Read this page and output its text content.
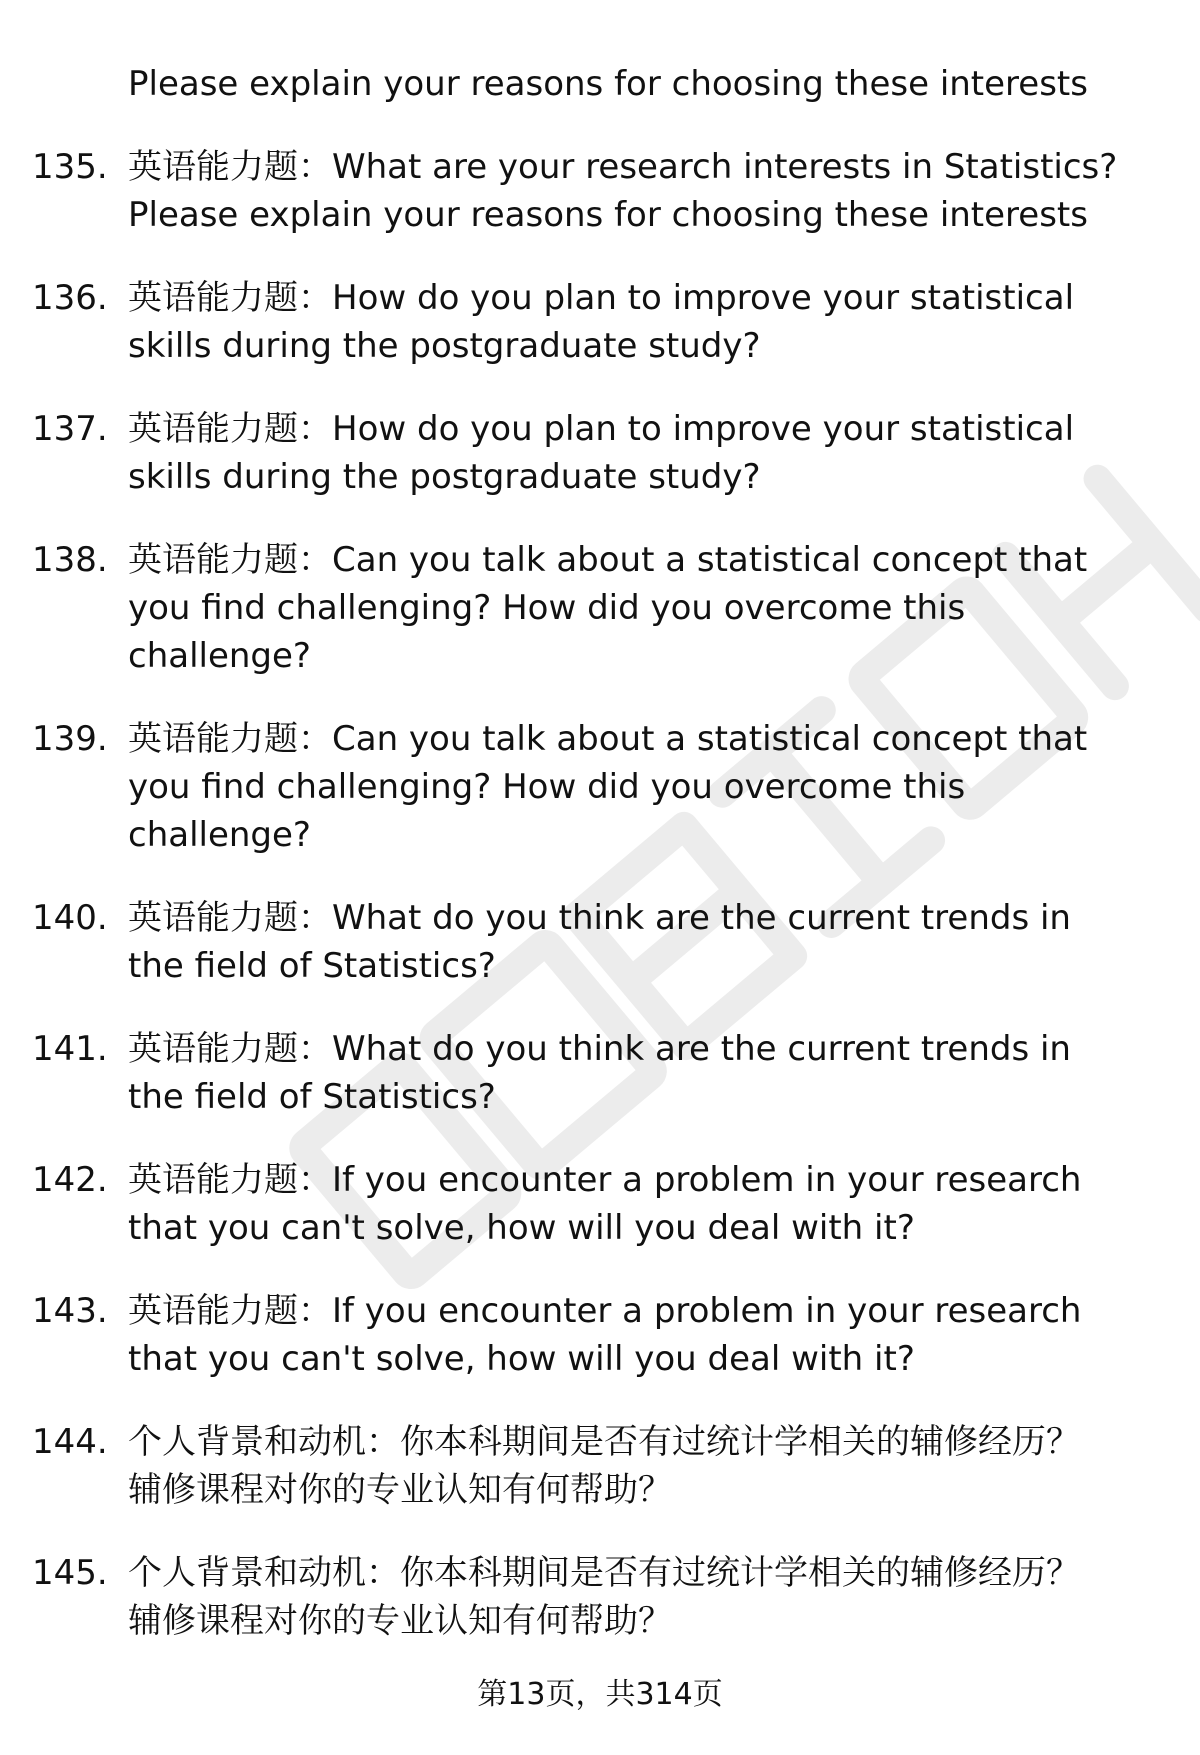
Please explain your reasons for choosing these interests
135. 英语能力题：What are your research interests in Statistics?
Please explain your reasons for choosing these interests
136. 英语能力题：How do you plan to improve your statistical
skills during the postgraduate study?
137. 英语能力题：How do you plan to improve your statistical
skills during the postgraduate study?
138. 英语能力题：Can you talk about a statistical concept that
you find challenging? How did you overcome this
challenge?
139. 英语能力题：Can you talk about a statistical concept that
you find challenging? How did you overcome this
challenge?
140. 英语能力题：What do you think are the current trends in
the field of Statistics?
141. 英语能力题：What do you think are the current trends in
the field of Statistics?
142. 英语能力题：If you encounter a problem in your research
that you can't solve, how will you deal with it?
143. 英语能力题：If you encounter a problem in your research
that you can't solve, how will you deal with it?
144. 个人背景和动机：你本科期间是否有过统计学相关的辅修经历？
辅修课程对你的专业认知有何帮助？
145. 个人背景和动机：你本科期间是否有过统计学相关的辅修经历？
辅修课程对你的专业认知有何帮助？
第13页，共314页
